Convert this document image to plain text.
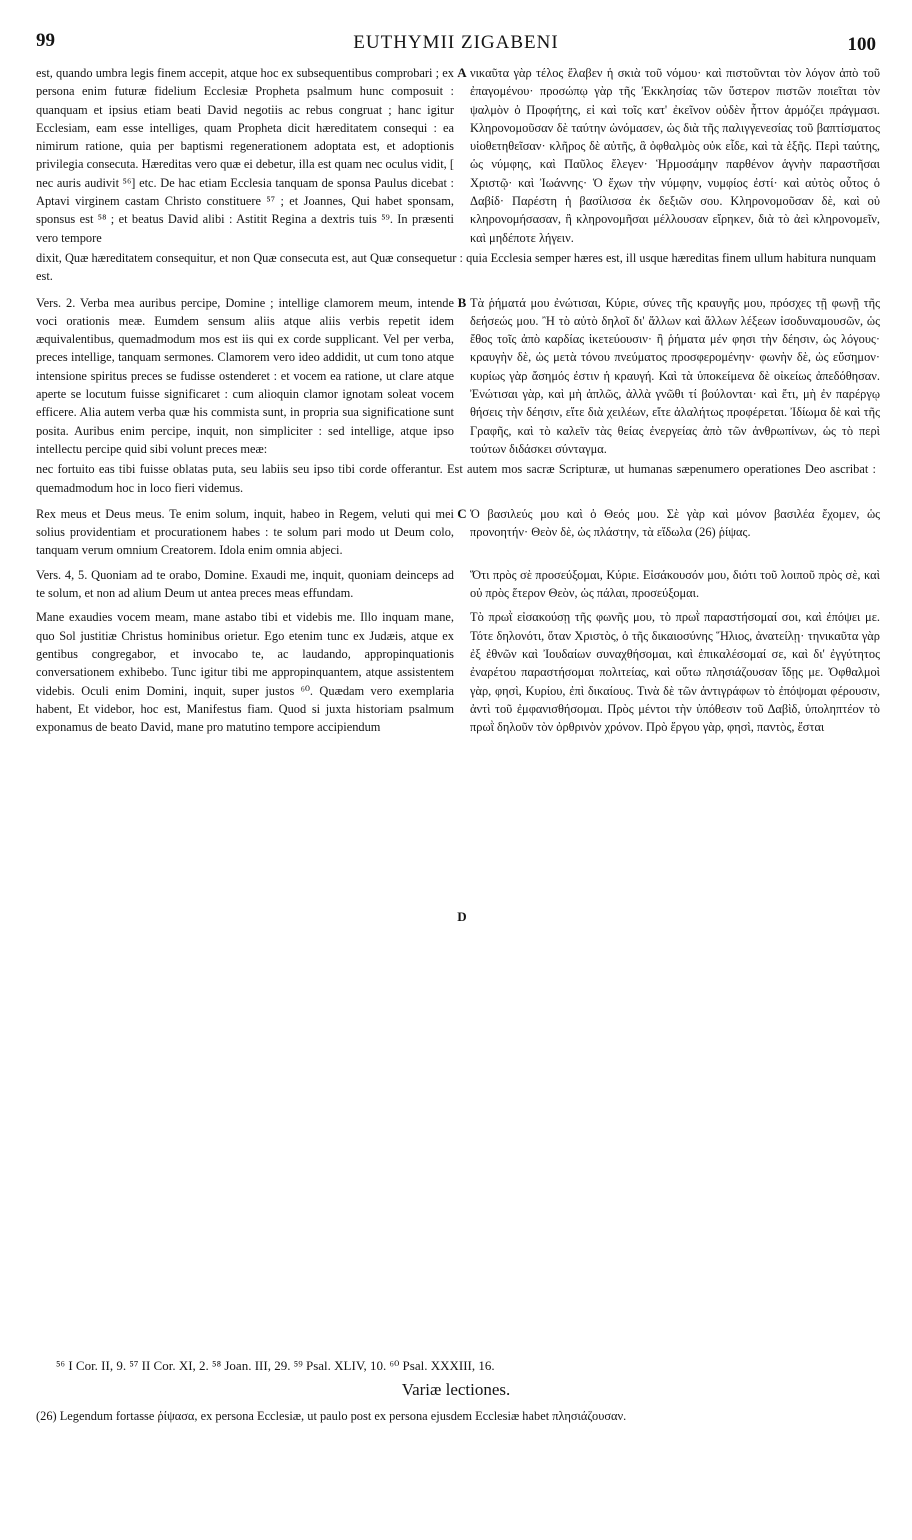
99	EUTHYMII ZIGABENI	100
est, quando umbra legis finem accepit, atque hoc ex subsequentibus comprobari ; ex persona enim futuræ fidelium Ecclesiæ Propheta psalmum hunc composuit : quanquam et ipsius etiam beati David negotiis ac rebus congruat ; hanc igitur Ecclesiam, eam esse intelliges, quam Propheta dicit hæreditatem consequi : ea nimirum ratione, quia per baptismi regenerationem adoptata est, et adoptionis privilegia consecuta. Hæreditas vero quæ ei debetur, illa est quam nec oculus vidit, [ nec auris audivit ⁵⁶] etc. De hac etiam Ecclesia tanquam de sponsa Paulus dicebat : Aptavi virginem castam Christo constituere ⁵⁷ ; et Joannes, Qui habet sponsam, sponsus est ⁵⁸ ; et beatus David alibi : Astitit Regina a dextris tuis ⁵⁹. In præsenti vero tempore
A νικαῦτα γὰρ τέλος ἔλαβεν ἡ σκιὰ τοῦ νόμου· καὶ πιστοῦνται τὸν λόγον ἀπὸ τοῦ ἐπαγομένου· προσώπῳ γὰρ τῆς Ἐκκλησίας τῶν ὕστερον πιστῶν ποιεῖται τὸν ψαλμὸν ὁ Προφήτης, εἰ καὶ τοῖς κατ' ἐκεῖνον οὐδὲν ἧττον ἁρμόζει πράγμασι. Κληρονομοῦσαν δὲ ταύτην ὠνόμασεν, ὡς διὰ τῆς παλιγγενεσίας τοῦ βαπτίσματος υἱοθετηθεῖσαν· κλῆρος δὲ αὐτῆς, ἃ ὀφθαλμὸς οὐκ εἶδε, καὶ τὰ ἑξῆς. Περὶ ταύτης, ὡς νύμφης, καὶ Παῦλος ἔλεγεν· Ἡρμοσάμην παρθένον ἁγνὴν παραστῆσαι Χριστῷ· καὶ Ἰωάννης· Ὁ ἔχων τὴν νύμφην, νυμφίος ἐστί· καὶ αὐτὸς οὗτος ὁ Δαβίδ· Παρέστη ἡ βασίλισσα ἐκ δεξιῶν σου. Κληρονομοῦσαν δὲ, καὶ οὐ κληρονομήσασαν, ἢ κληρονομῆσαι μέλλουσαν εἴρηκεν, διὰ τὸ ἀεὶ κληρονομεῖν, καὶ μηδέποτε λήγειν.
dixit, Quæ hæreditatem consequitur, et non Quæ consecuta est, aut Quæ consequetur : quia Ecclesia semper hæres est, ill usque hæreditas finem ullum habitura nunquam est.
Vers. 2. Verba mea auribus percipe, Domine ; intellige clamorem meum, intende voci orationis meæ. Eumdem sensum aliis atque aliis verbis repetit idem æquivalentibus, quemadmodum mos est iis qui ex corde supplicant. Vel per verba, preces intellige, tanquam sermones. Clamorem vero ideo addidit, ut cum tono atque intensione spiritus preces se fudisse ostenderet : et vocem ea ratione, ut clare atque aperte se locutum fuisse significaret : cum alioquin clamor ignotam soleat vocem efficere. Alia autem verba quæ his commista sunt, in propria sua significatione sunt posita. Auribus enim percipe, inquit, non simpliciter : sed intellige, atque ipso intellectu percipe quid sibi volunt preces meæ:
B Τὰ ῥήματά μου ἐνώτισαι, Κύριε, σύνες τῆς κραυγῆς μου, πρόσχες τῇ φωνῇ τῆς δεήσεώς μου. Ἢ τὸ αὐτὸ δηλοῖ δι' ἄλλων καὶ ἄλλων λέξεων ἰσοδυναμουσῶν, ὡς ἔθος τοῖς ἀπὸ καρδίας ἱκετεύουσιν· ἢ ῥήματα μέν φησι τὴν δέησιν, ὡς λόγους· κραυγὴν δὲ, ὡς μετὰ τόνου πνεύματος προσφερομένην· φωνὴν δὲ, ὡς εὔσημον· κυρίως γὰρ ἄσημός ἐστιν ἡ κραυγή. Καὶ τὰ ὑποκείμενα δὲ οἰκείως ἀπεδόθησαν. Ἐνώτισαι γὰρ, καὶ μὴ ἁπλῶς, ἀλλὰ γνῶθι τί βούλονται· καὶ ἔτι, μὴ ἐν παρέργῳ θήσεις τὴν δέησιν, εἴτε διὰ χειλέων, εἴτε ἀλαλήτως προφέρεται. Ἰδίωμα δὲ καὶ τῆς Γραφῆς, καὶ τὸ καλεῖν τὰς θείας ἐνεργείας ἀπὸ τῶν ἀνθρωπίνων, ὡς τὸ περὶ τούτων διδάσκει σύνταγμα.
nec fortuito eas tibi fuisse oblatas puta, seu labiis seu ipso tibi corde offerantur. Est autem mos sacræ Scripturæ, ut humanas sæpenumero operationes Deo ascribat : quemadmodum hoc in loco fieri videmus.
Rex meus et Deus meus. Te enim solum, inquit, habeo in Regem, veluti qui mei solius providentiam et procurationem habes : te solum pari modo ut Deum colo, tanquam verum omnium Creatorem. Idola enim omnia abjeci.
C Ὁ βασιλεύς μου καὶ ὁ Θεός μου. Σὲ γὰρ καὶ μόνον βασιλέα ἔχομεν, ὡς προνοητήν· Θεὸν δὲ, ὡς πλάστην, τὰ εἴδωλα (26) ῥίψας.
Vers. 4, 5. Quoniam ad te orabo, Domine. Exaudi me, inquit, quoniam deinceps ad te solum, et non ad alium Deum ut antea preces meas effundam.
Ὅτι πρὸς σὲ προσεύξομαι, Κύριε. Εἰσάκουσόν μου, διότι τοῦ λοιποῦ πρὸς σὲ, καὶ οὐ πρὸς ἕτερον Θεὸν, ὡς πάλαι, προσεύξομαι.
Mane exaudies vocem meam, mane astabo tibi et videbis me. Illo inquam mane, quo Sol justitiæ Christus hominibus orietur. Ego etenim tunc ex Judæis, atque ex gentibus congregabor, et invocabo te, ac laudando, appropinquationis conversationem exhibebo. Tunc igitur tibi me appropinquantem, atque assistentem videbis. Oculi enim Domini, inquit, super justos ⁶⁰. Quædam vero exemplaria habent, Et videbor, hoc est, Manifestus fiam. Quod si juxta historiam psalmum exponamus de beato David, mane pro matutino tempore accipiendum
D
Τὸ πρωῒ εἰσακούσῃ τῆς φωνῆς μου, τὸ πρωῒ παραστήσομαί σοι, καὶ ἐπόψει με. Τότε δηλονότι, ὅταν Χριστὸς, ὁ τῆς δικαιοσύνης Ἥλιος, ἀνατείλῃ· τηνικαῦτα γὰρ ἐξ ἐθνῶν καὶ Ἰουδαίων συναχθήσομαι, καὶ ἐπικαλέσομαί σε, καὶ δι' ἐγγύτητος ἐναρέτου παραστήσομαι πολιτείας, καὶ οὕτω πλησιάζουσαν ἴδῃς με. Ὀφθαλμοὶ γὰρ, φησὶ, Κυρίου, ἐπὶ δικαίους. Τινὰ δὲ τῶν ἀντιγράφων τὸ ἐπόψομαι φέρουσιν, ἀντὶ τοῦ ἐμφανισθήσομαι. Πρὸς μέντοι τὴν ὑπόθεσιν τοῦ Δαβὶδ, ὑποληπτέον τὸ πρωῒ δηλοῦν τὸν ὀρθρινὸν χρόνον. Πρὸ ἔργου γὰρ, φησὶ, παντὸς, ἔσται
⁵⁶ I Cor. II, 9. ⁵⁷ II Cor. XI, 2. ⁵⁸ Joan. III, 29. ⁵⁹ Psal. XLIV, 10. ⁶⁰ Psal. XXXIII, 16.
Variæ lectiones.
(26) Legendum fortasse ῥίψασα, ex persona Ecclesiæ, ut paulo post ex persona ejusdem Ecclesiæ habet πλησιάζουσαν.
